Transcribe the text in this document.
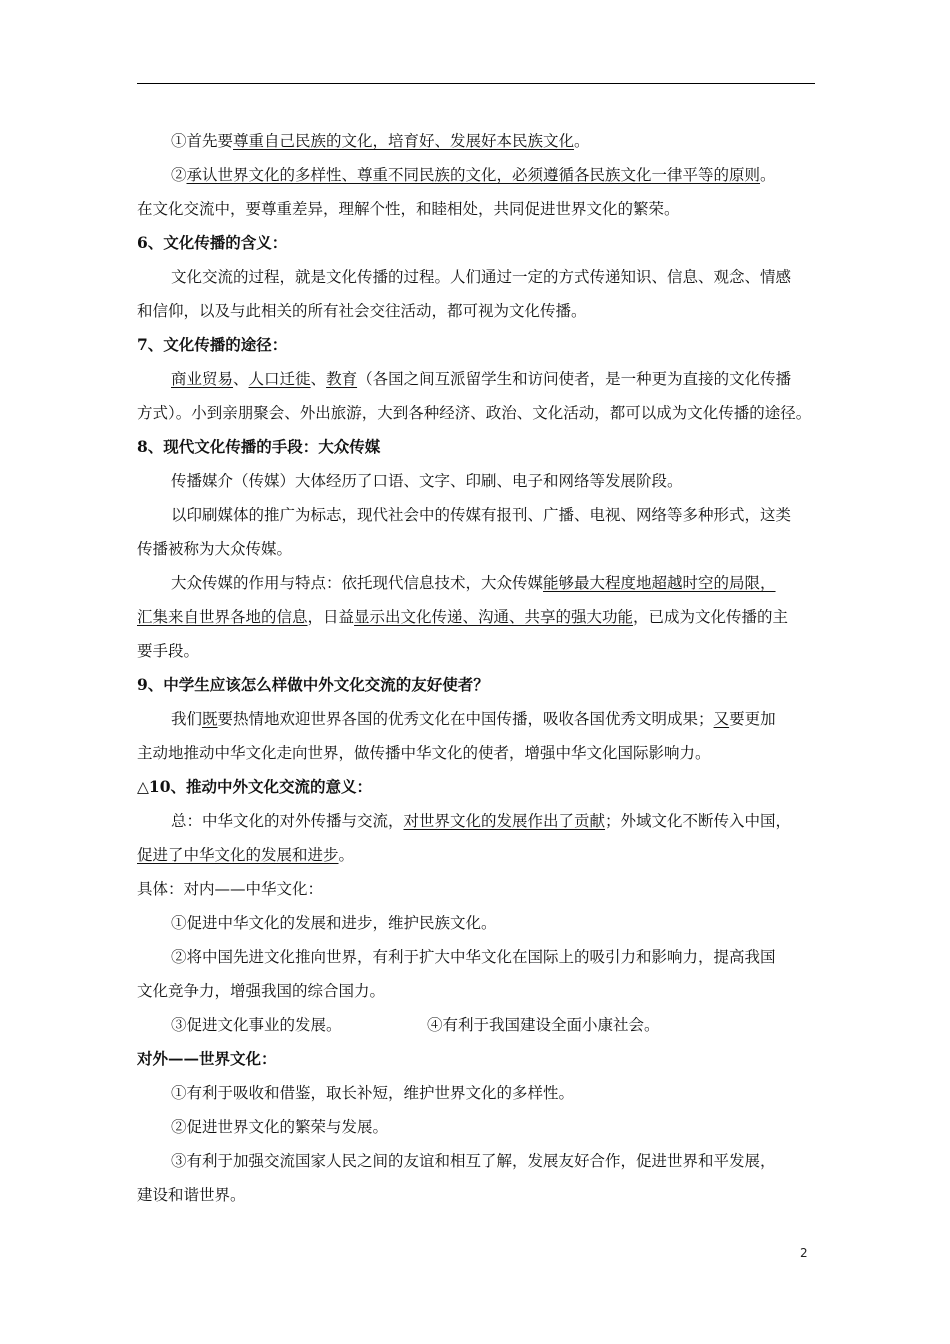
①首先要尊重自己民族的文化，培育好、发展好本民族文化。
②承认世界文化的多样性、尊重不同民族的文化，必须遵循各民族文化一律平等的原则。
在文化交流中，要尊重差异，理解个性，和睦相处，共同促进世界文化的繁荣。
6、文化传播的含义：
文化交流的过程，就是文化传播的过程。人们通过一定的方式传递知识、信息、观念、情感
和信仰，以及与此相关的所有社会交往活动，都可视为文化传播。
7、文化传播的途径：
商业贸易、人口迁徙、教育（各国之间互派留学生和访问使者，是一种更为直接的文化传播
方式）。小到亲朋聚会、外出旅游，大到各种经济、政治、文化活动，都可以成为文化传播的途径。
8、现代文化传播的手段：大众传媒
传播媒介（传媒）大体经历了口语、文字、印刷、电子和网络等发展阶段。
以印刷媒体的推广为标志，现代社会中的传媒有报刊、广播、电视、网络等多种形式，这类
传播被称为大众传媒。
大众传媒的作用与特点：依托现代信息技术，大众传媒能够最大程度地超越时空的局限，
汇集来自世界各地的信息，日益显示出文化传递、沟通、共享的强大功能，已成为文化传播的主
要手段。
9、中学生应该怎么样做中外文化交流的友好使者？
我们既要热情地欢迎世界各国的优秀文化在中国传播，吸收各国优秀文明成果；又要更加
主动地推动中华文化走向世界，做传播中华文化的使者，增强中华文化国际影响力。
△10、推动中外文化交流的意义：
总：中华文化的对外传播与交流，对世界文化的发展作出了贡献；外域文化不断传入中国，
促进了中华文化的发展和进步。
具体：对内——中华文化：
①促进中华文化的发展和进步，维护民族文化。
②将中国先进文化推向世界，有利于扩大中华文化在国际上的吸引力和影响力，提高我国
文化竞争力，增强我国的综合国力。
③促进文化事业的发展。	④有利于我国建设全面小康社会。
对外——世界文化：
①有利于吸收和借鉴，取长补短，维护世界文化的多样性。
②促进世界文化的繁荣与发展。
③有利于加强交流国家人民之间的友谊和相互了解，发展友好合作，促进世界和平发展，
建设和谐世界。
2
